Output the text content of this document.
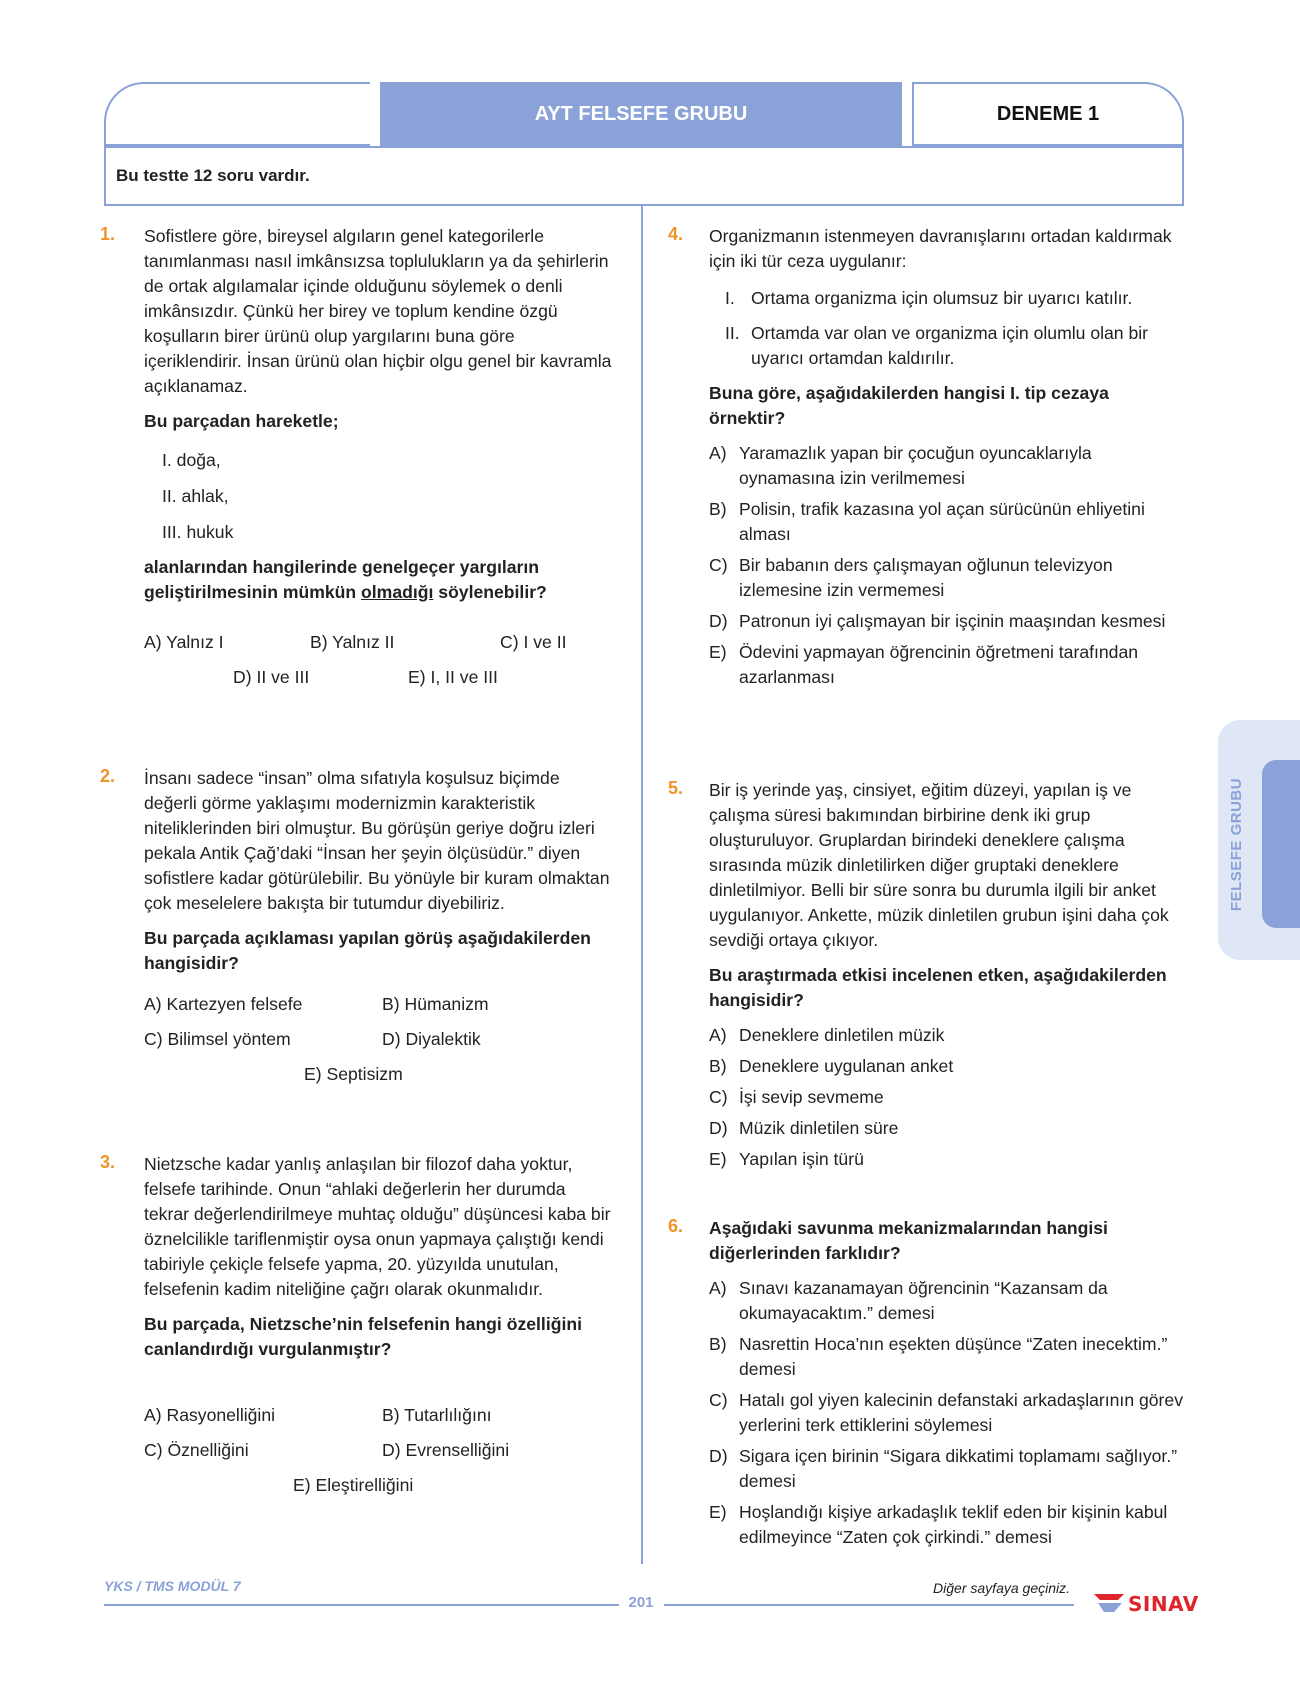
AYT FELSEFE GRUBU	DENEME 1
Bu testte 12 soru vardır.
1. Sofistlere göre, bireysel algıların genel kategorilerle tanımlanması nasıl imkânsızsa toplulukların ya da şehirlerin de ortak algılamalar içinde olduğunu söylemek o denli imkânsızdır. Çünkü her birey ve toplum kendine özgü koşulların birer ürünü olup yargılarını buna göre içeriklendirir. İnsan ürünü olan hiçbir olgu genel bir kavramla açıklanamaz.

Bu parçadan hareketle;

I. doğa,
II. ahlak,
III. hukuk

alanlarından hangilerinde genelgeçer yargıların geliştirilmesinin mümkün olmadığı söylenebilir?

A) Yalnız I	B) Yalnız II	C) I ve II
D) II ve III	E) I, II ve III
2. İnsanı sadece “insan” olma sıfatıyla koşulsuz biçimde değerli görme yaklaşımı modernizmin karakteristik niteliklerinden biri olmuştur. Bu görüşün geriye doğru izleri pekala Antik Çağ’daki “İnsan her şeyin ölçüsüdür.” diyen sofistlere kadar götürülebilir. Bu yönüyle bir kuram olmaktan çok meselelere bakışta bir tutumdur diyebiliriz.

Bu parçada açıklaması yapılan görüş aşağıdakilerden hangisidir?

A) Kartezyen felsefe	B) Hümanizm
C) Bilimsel yöntem	D) Diyalektik
E) Septisizm
3. Nietzsche kadar yanlış anlaşılan bir filozof daha yoktur, felsefe tarihinde. Onun “ahlaki değerlerin her durumda tekrar değerlendirilmeye muhtaç olduğu” düşüncesi kaba bir öznelcilikle tariflenmiştir oysa onun yapmaya çalıştığı kendi tabiriyle çekiçle felsefe yapma, 20. yüzyılda unutulan, felsefenin kadim niteliğine çağrı olarak okunmalıdır.

Bu parçada, Nietzsche’nin felsefenin hangi özelliğini canlandırdığı vurgulanmıştır?

A) Rasyonelliğini	B) Tutarlılığını
C) Öznelliğini	D) Evrenselliğini
E) Eleştirelliğini
4. Organizmanın istenmeyen davranışlarını ortadan kaldırmak için iki tür ceza uygulanır:

I. Ortama organizma için olumsuz bir uyarıcı katılır.
II. Ortamda var olan ve organizma için olumlu olan bir uyarıcı ortamdan kaldırılır.

Buna göre, aşağıdakilerden hangisi I. tip cezaya örnektir?

A) Yaramazlık yapan bir çocuğun oyuncaklarıyla oynamasına izin verilmemesi
B) Polisin, trafik kazasına yol açan sürücünün ehliyetini alması
C) Bir babanın ders çalışmayan oğlunun televizyon izlemesine izin vermemesi
D) Patronun iyi çalışmayan bir işçinin maaşından kesmesi
E) Ödevini yapmayan öğrencinin öğretmeni tarafından azarlanması
5. Bir iş yerinde yaş, cinsiyet, eğitim düzeyi, yapılan iş ve çalışma süresi bakımından birbirine denk iki grup oluşturuluyor. Gruplardan birindeki deneklere çalışma sırasında müzik dinletilirken diğer gruptaki deneklere dinletilmiyor. Belli bir süre sonra bu durumla ilgili bir anket uygulanıyor. Ankette, müzik dinletilen grubun işini daha çok sevdiği ortaya çıkıyor.

Bu araştırmada etkisi incelenen etken, aşağıdakilerden hangisidir?

A) Deneklere dinletilen müzik
B) Deneklere uygulanan anket
C) İşi sevip sevmeme
D) Müzik dinletilen süre
E) Yapılan işin türü
6. Aşağıdaki savunma mekanizmalarından hangisi diğerlerinden farklıdır?

A) Sınavı kazanamayan öğrencinin “Kazansam da okumayacaktım.” demesi
B) Nasrettin Hoca’nın eşekten düşünce “Zaten inecektim.” demesi
C) Hatalı gol yiyen kalecinin defanstaki arkadaşlarının görev yerlerini terk ettiklerini söylemesi
D) Sigara içen birinin “Sigara dikkatimi toplamamı sağlıyor.” demesi
E) Hoşlandığı kişiye arkadaşlık teklif eden bir kişinin kabul edilmeyince “Zaten çok çirkindi.” demesi
FELSEFE GRUBU
YKS / TMS MODÜL 7
201
Diğer sayfaya geçiniz.
SINAV
